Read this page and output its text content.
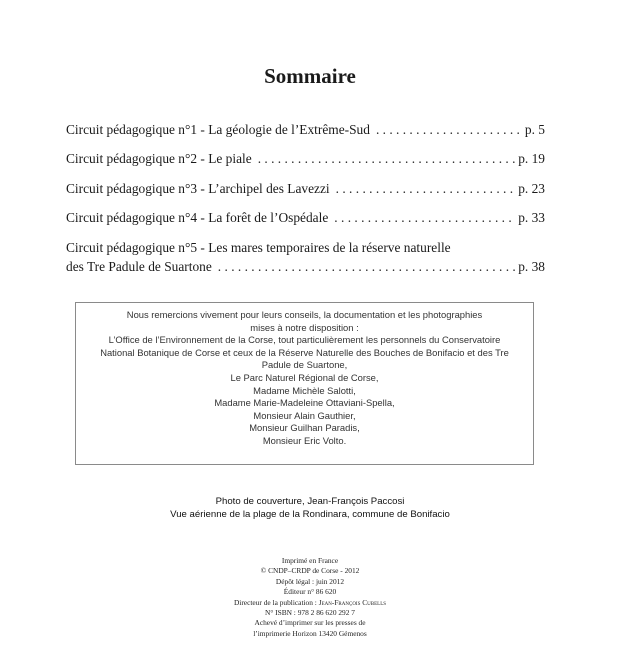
Sommaire
Circuit pédagogique n°1 - La géologie de l’Extrême-Sud . . .	p. 5
Circuit pédagogique n°2 - Le piale . . .	p. 19
Circuit pédagogique n°3 - L’archipel des Lavezzi . . .	p. 23
Circuit pédagogique n°4 - La forêt de l’Ospédale . . .	p. 33
Circuit pédagogique n°5 - Les mares temporaires de la réserve naturelle
des Tre Padule de Suartone . . .	p. 38
Nous remercions vivement pour leurs conseils, la documentation et les photographies
mises à notre disposition :
L’Office de l’Environnement de la Corse, tout particulièrement les personnels du Conservatoire National Botanique de Corse et ceux de la Réserve Naturelle des Bouches de Bonifacio et des Tre Padule de Suartone,
Le Parc Naturel Régional de Corse,
Madame Michèle Salotti,
Madame Marie-Madeleine Ottaviani-Spella,
Monsieur Alain Gauthier,
Monsieur Guilhan Paradis,
Monsieur Eric Volto.
Photo de couverture, Jean-François Paccosi
Vue aérienne de la plage de la Rondinara, commune de Bonifacio
Imprimé en France
© CNDP–CRDP de Corse - 2012
Dépôt légal : juin 2012
Éditeur n° 86 620
Directeur de la publication : Jean-François Cubells
N° ISBN : 978 2 86 620 292 7
Achevé d’imprimer sur les presses de
l’imprimerie Horizon 13420 Gémenos
